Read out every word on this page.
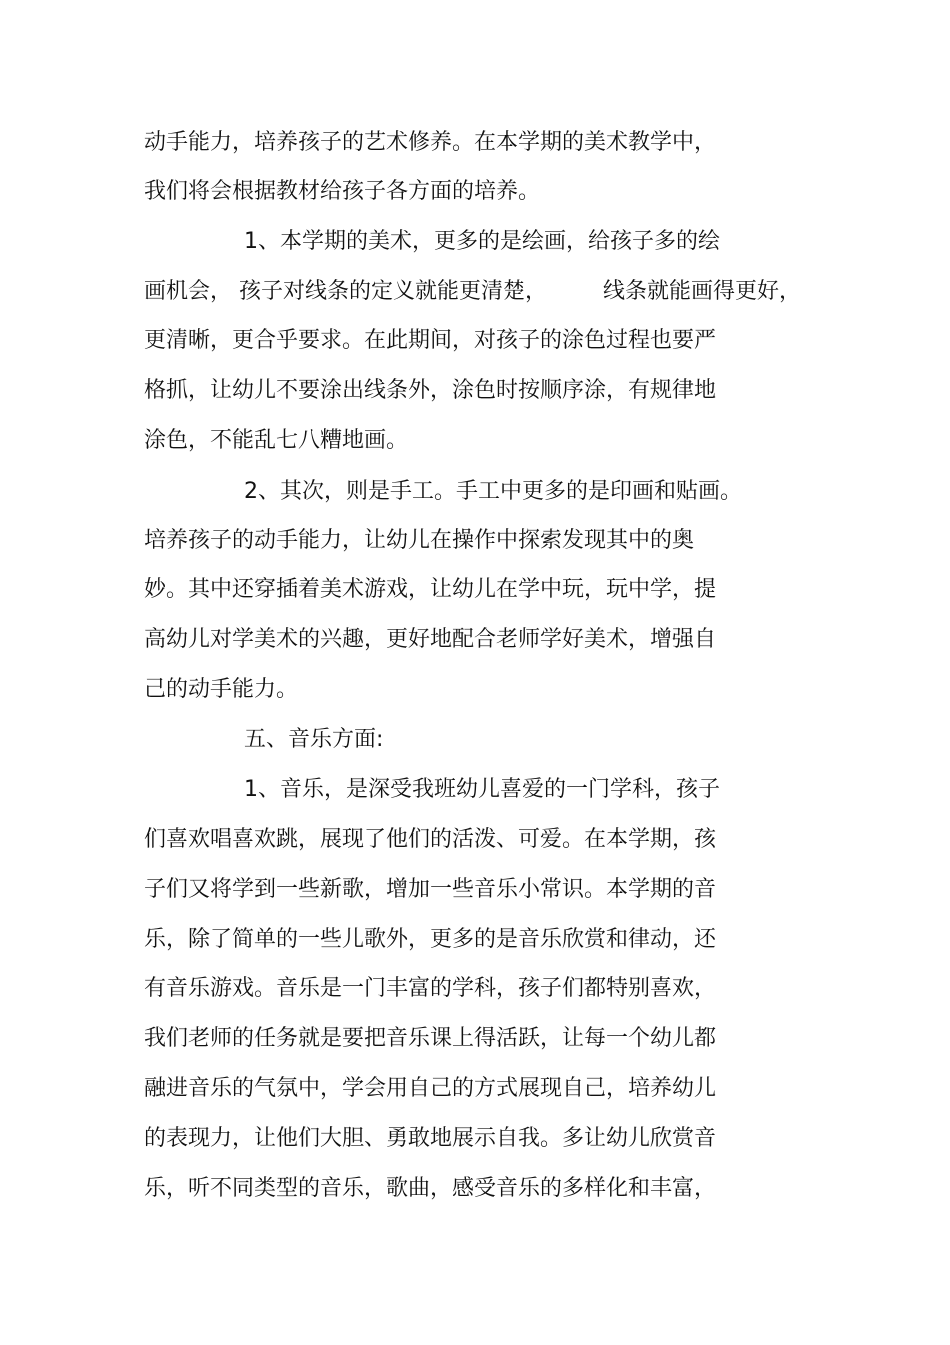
动手能力，培养孩子的艺术修养。在本学期的美术教学中，
我们将会根据教材给孩子各方面的培养。
1、本学期的美术，更多的是绘画，给孩子多的绘
画机会， 孩子对线条的定义就能更清楚，        线条就能画得更好，
更清晰，更合乎要求。在此期间，对孩子的涂色过程也要严
格抓，让幼儿不要涂出线条外，涂色时按顺序涂，有规律地
涂色，不能乱七八糟地画。
2、其次，则是手工。手工中更多的是印画和贴画。
培养孩子的动手能力，让幼儿在操作中探索发现其中的奥
妙。其中还穿插着美术游戏，让幼儿在学中玩，玩中学，提
高幼儿对学美术的兴趣，更好地配合老师学好美术，增强自
己的动手能力。
五、音乐方面:
1、音乐，是深受我班幼儿喜爱的一门学科，孩子
们喜欢唱喜欢跳，展现了他们的活泼、可爱。在本学期，孩
子们又将学到一些新歌，增加一些音乐小常识。本学期的音
乐，除了简单的一些儿歌外，更多的是音乐欣赏和律动，还
有音乐游戏。音乐是一门丰富的学科，孩子们都特别喜欢，
我们老师的任务就是要把音乐课上得活跃，让每一个幼儿都
融进音乐的气氛中，学会用自己的方式展现自己，培养幼儿
的表现力，让他们大胆、勇敢地展示自我。多让幼儿欣赏音
乐，听不同类型的音乐，歌曲，感受音乐的多样化和丰富，
